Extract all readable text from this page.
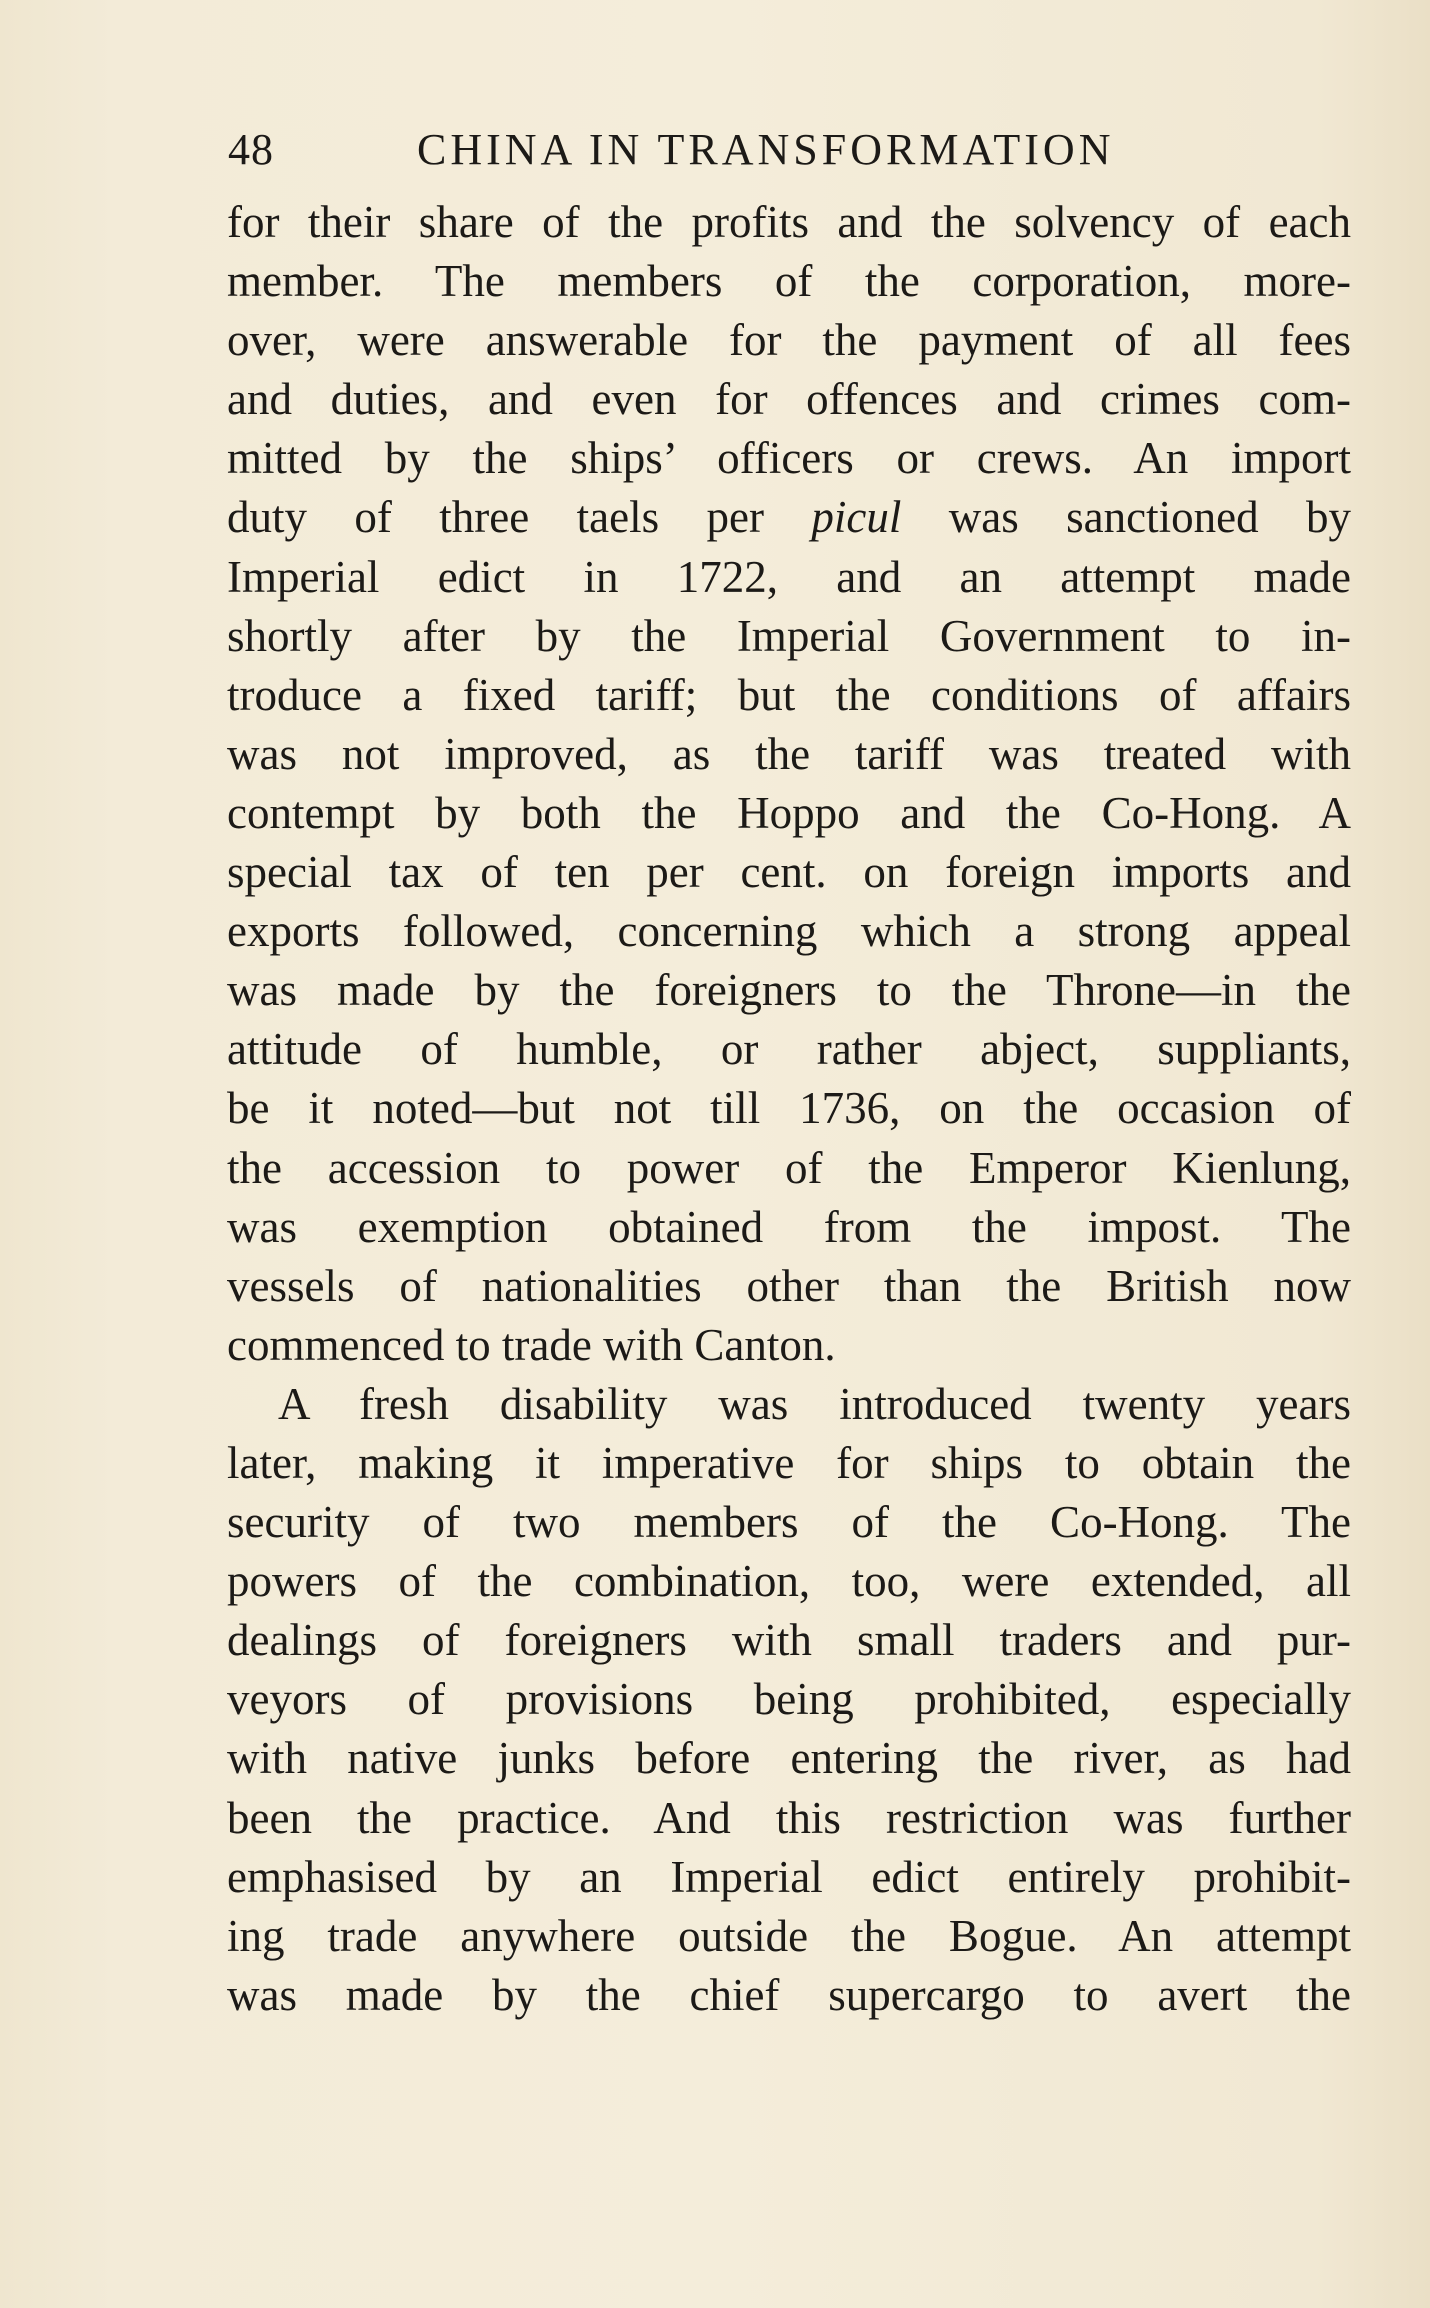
48	CHINA IN TRANSFORMATION
for their share of the profits and the solvency of each
member. The members of the corporation, more-
over, were answerable for the payment of all fees
and duties, and even for offences and crimes com-
mitted by the ships’ officers or crews. An import
duty of three taels per picul was sanctioned by
Imperial edict in 1722, and an attempt made
shortly after by the Imperial Government to in-
troduce a fixed tariff; but the conditions of affairs
was not improved, as the tariff was treated with
contempt by both the Hoppo and the Co-Hong. A
special tax of ten per cent. on foreign imports and
exports followed, concerning which a strong appeal
was made by the foreigners to the Throne—in the
attitude of humble, or rather abject, suppliants,
be it noted—but not till 1736, on the occasion of
the accession to power of the Emperor Kienlung,
was exemption obtained from the impost. The
vessels of nationalities other than the British now
commenced to trade with Canton.
A fresh disability was introduced twenty years
later, making it imperative for ships to obtain the
security of two members of the Co-Hong. The
powers of the combination, too, were extended, all
dealings of foreigners with small traders and pur-
veyors of provisions being prohibited, especially
with native junks before entering the river, as had
been the practice. And this restriction was further
emphasised by an Imperial edict entirely prohibit-
ing trade anywhere outside the Bogue. An attempt
was made by the chief supercargo to avert the
